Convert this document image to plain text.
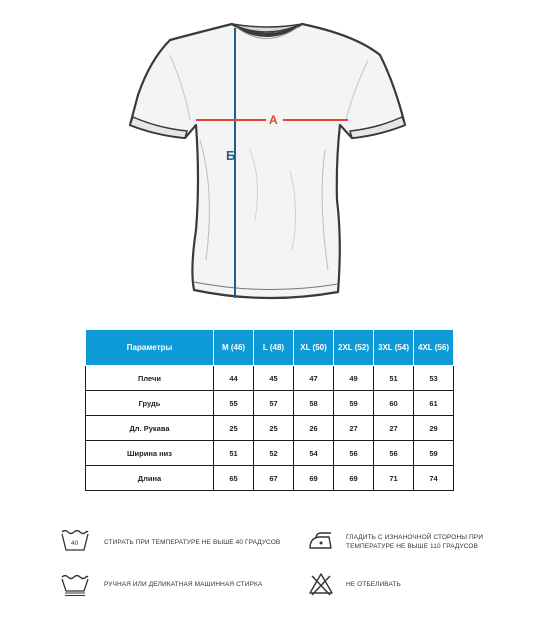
Б
А
Параметры	M (46)	L (48)	XL (50)	2XL (52)	3XL (54)	4XL (56)
Плечи	44	45	47	49	51	53
Грудь	55	57	58	59	60	61
Дл. Рукава	25	25	26	27	27	29
Ширина низ	51	52	54	56	56	59
Длина	65	67	69	69	71	74
40	СТИРАТЬ ПРИ ТЕМПЕРАТУРЕ НЕ ВЫШЕ 40 ГРАДУСОВ
РУЧНАЯ ИЛИ ДЕЛИКАТНАЯ МАШИННАЯ СТИРКА
ГЛАДИТЬ С ИЗНАНОЧНОЙ СТОРОНЫ ПРИ
ТЕМПЕРАТУРЕ НЕ ВЫШЕ 110 ГРАДУСОВ
НЕ ОТБЕЛИВАТЬ
